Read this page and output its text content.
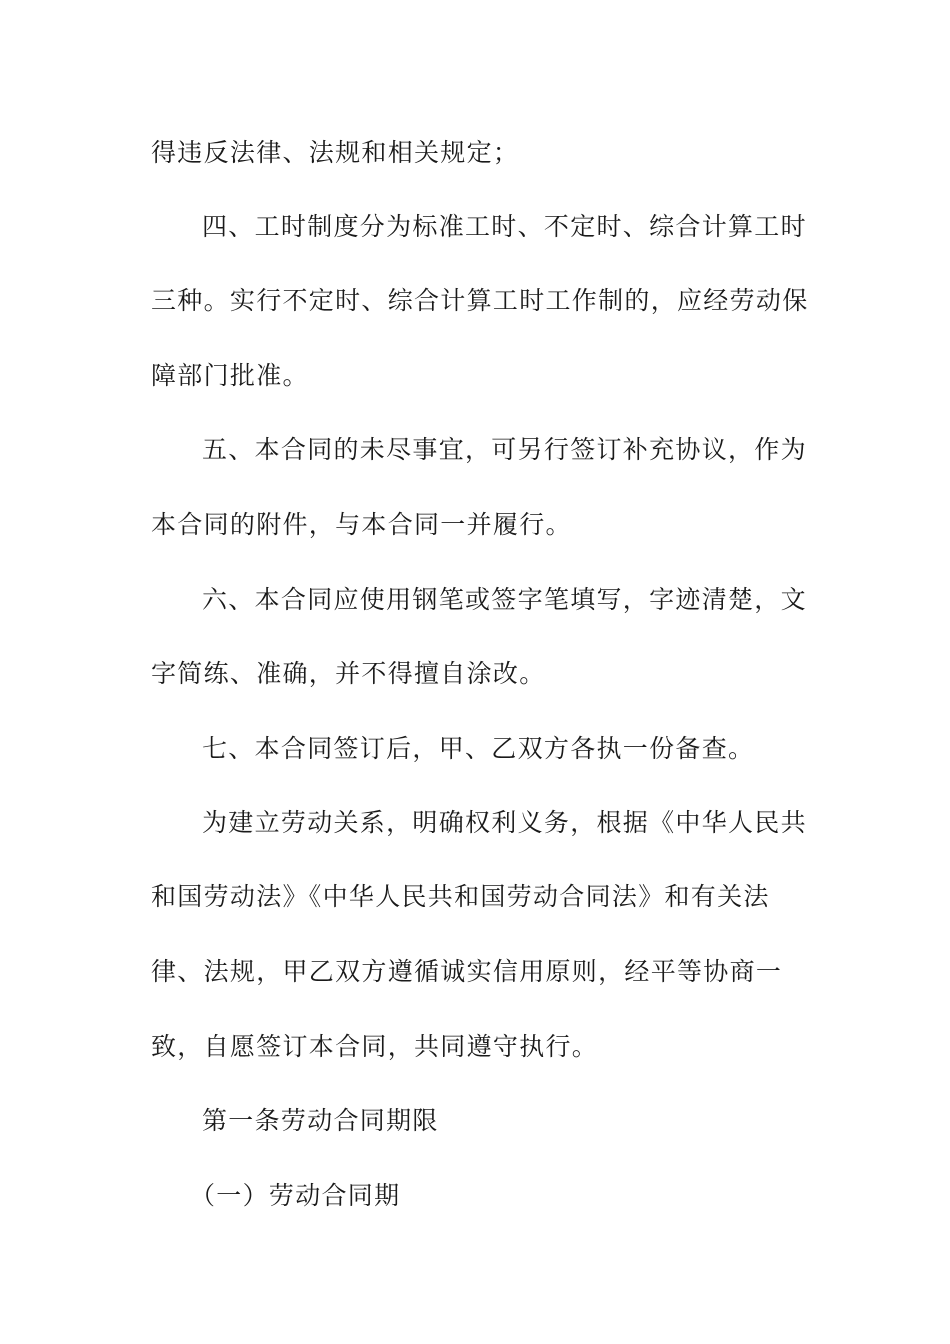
得违反法律、法规和相关规定；
四、工时制度分为标准工时、不定时、综合计算工时
三种。实行不定时、综合计算工时工作制的，应经劳动保
障部门批准。
五、本合同的未尽事宜，可另行签订补充协议，作为
本合同的附件，与本合同一并履行。
六、本合同应使用钢笔或签字笔填写，字迹清楚，文
字简练、准确，并不得擅自涂改。
七、本合同签订后，甲、乙双方各执一份备查。
为建立劳动关系，明确权利义务，根据《中华人民共
和国劳动法》《中华人民共和国劳动合同法》和有关法
律、法规，甲乙双方遵循诚实信用原则，经平等协商一
致，自愿签订本合同，共同遵守执行。
第一条劳动合同期限
（一）劳动合同期
